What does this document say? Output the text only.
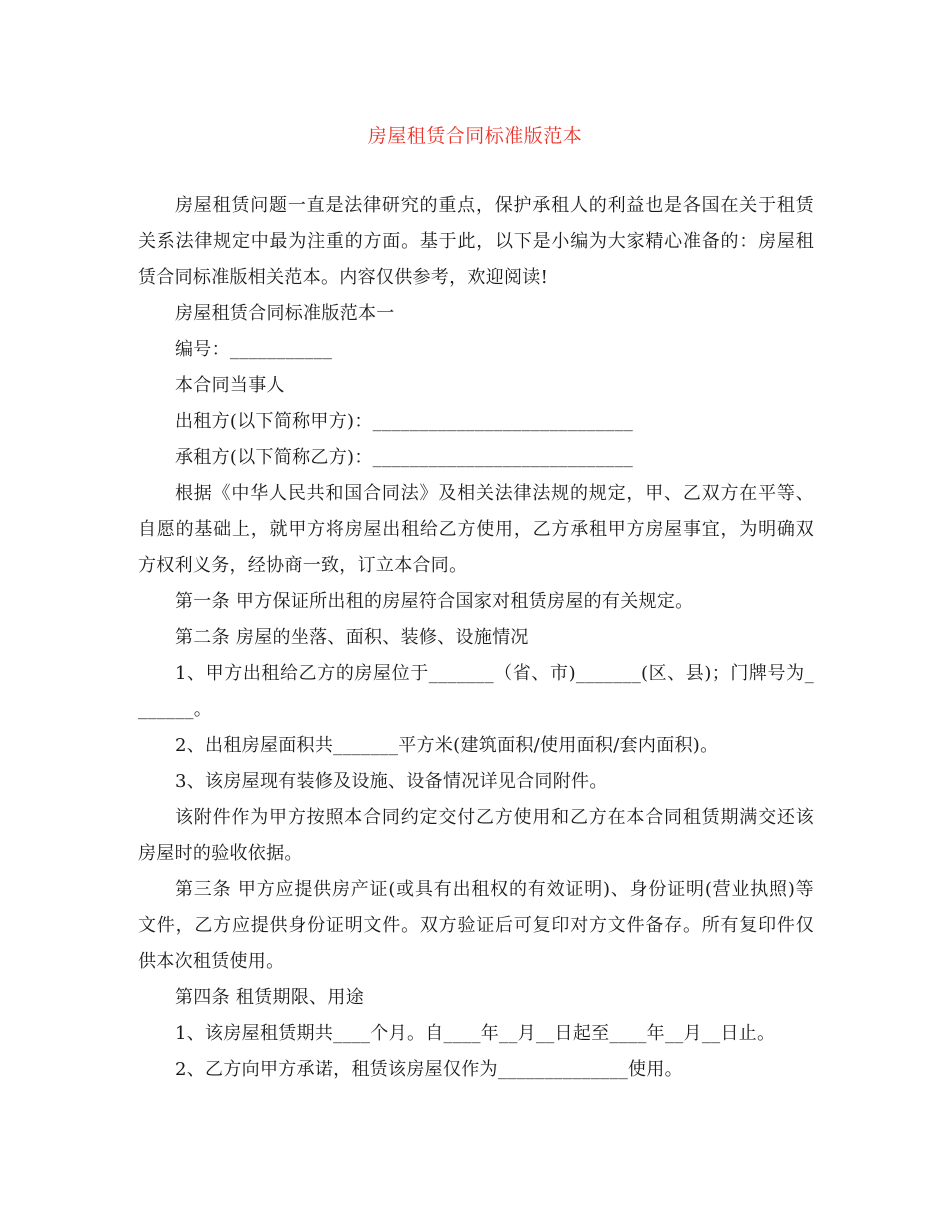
房屋租赁合同标准版范本

房屋租赁问题一直是法律研究的重点，保护承租人的利益也是各国在关于租赁关系法律规定中最为注重的方面。基于此，以下是小编为大家精心准备的：房屋租赁合同标准版相关范本。内容仅供参考，欢迎阅读!

房屋租赁合同标准版范本一

编号：___________

本合同当事人

出租方(以下简称甲方)：____________________________

承租方(以下简称乙方)：____________________________

根据《中华人民共和国合同法》及相关法律法规的规定，甲、乙双方在平等、自愿的基础上，就甲方将房屋出租给乙方使用，乙方承租甲方房屋事宜，为明确双方权利义务，经协商一致，订立本合同。

第一条 甲方保证所出租的房屋符合国家对租赁房屋的有关规定。

第二条 房屋的坐落、面积、装修、设施情况

1、甲方出租给乙方的房屋位于_______（省、市)_______(区、县)；门牌号为_______。

2、出租房屋面积共_______平方米(建筑面积/使用面积/套内面积)。

3、该房屋现有装修及设施、设备情况详见合同附件。

该附件作为甲方按照本合同约定交付乙方使用和乙方在本合同租赁期满交还该房屋时的验收依据。

第三条 甲方应提供房产证(或具有出租权的有效证明)、身份证明(营业执照)等文件，乙方应提供身份证明文件。双方验证后可复印对方文件备存。所有复印件仅供本次租赁使用。

第四条 租赁期限、用途

1、该房屋租赁期共____个月。自____年__月__日起至____年__月__日止。

2、乙方向甲方承诺，租赁该房屋仅作为______________使用。
